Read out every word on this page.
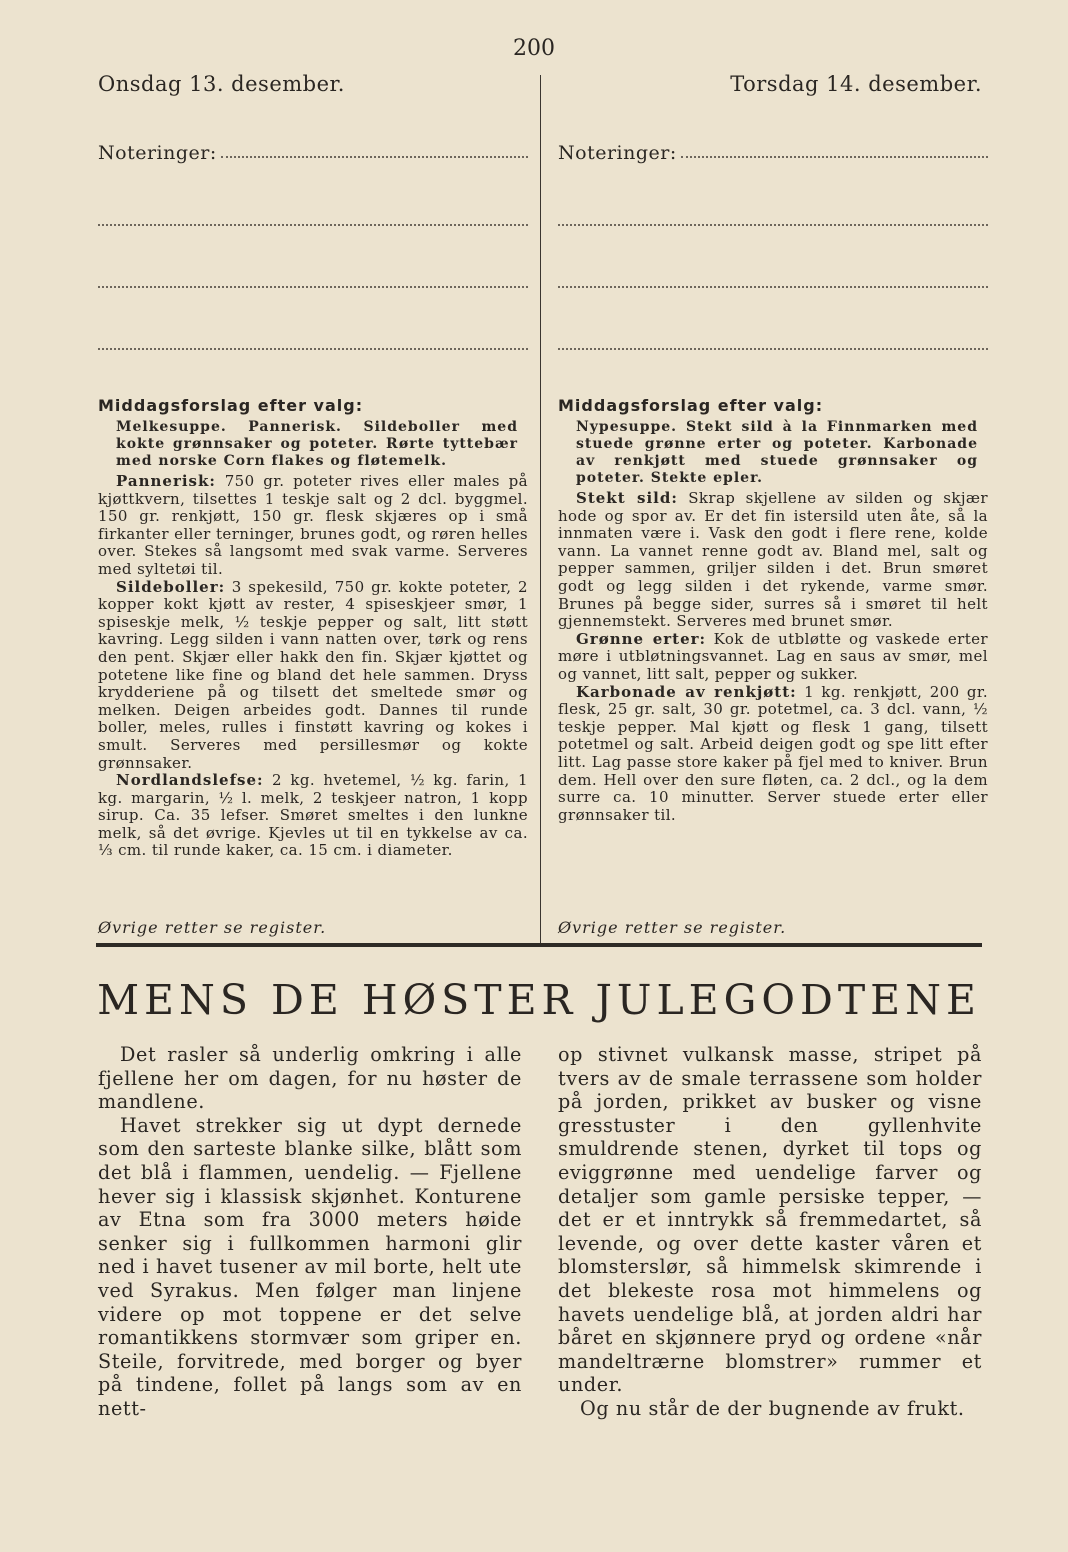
200
Onsdag 13. desember.
Noteringer:
Middagsforslag efter valg:
Melkesuppe. Pannerisk. Sildeboller med kokte grønnsaker og poteter. Rørte tyttebær med norske Corn flakes og fløtemelk.

Pannerisk: 750 gr. poteter rives eller males på kjøttkvern, tilsettes 1 teskje salt og 2 dcl. byggmel. 150 gr. renkjøtt, 150 gr. flesk skjæres op i små firkanter eller terninger, brunes godt, og røren helles over. Stekes så langsomt med svak varme. Serveres med syltetøi til.

Sildeboller: 3 spekesild, 750 gr. kokte poteter, 2 kopper kokt kjøtt av rester, 4 spiseskjeer smør, 1 spiseskje melk, ½ teskje pepper og salt, litt støtt kavring. Legg silden i vann natten over, tørk og rens den pent. Skjær eller hakk den fin. Skjær kjøttet og potetene like fine og bland det hele sammen. Dryss krydderiene på og tilsett det smeltede smør og melken. Deigen arbeides godt. Dannes til runde boller, meles, rulles i finstøtt kavring og kokes i smult. Serveres med persillesmør og kokte grønnsaker.

Nordlandslefse: 2 kg. hvetemel, ½ kg. farin, 1 kg. margarin, ½ l. melk, 2 teskjeer natron, 1 kopp sirup. Ca. 35 lefser. Smøret smeltes i den lunkne melk, så det øvrige. Kjevles ut til en tykkelse av ca. ⅓ cm. til runde kaker, ca. 15 cm. i diameter.

Øvrige retter se register.
Torsdag 14. desember.
Noteringer:
Middagsforslag efter valg:
Nypesuppe. Stekt sild à la Finnmarken med stuede grønne erter og poteter. Karbonade av renkjøtt med stuede grønnsaker og poteter. Stekte epler.

Stekt sild: Skrap skjellene av silden og skjær hode og spor av. Er det fin istersild uten åte, så la innmaten være i. Vask den godt i flere rene, kolde vann. La vannet renne godt av. Bland mel, salt og pepper sammen, griljer silden i det. Brun smøret godt og legg silden i det rykende, varme smør. Brunes på begge sider, surres så i smøret til helt gjennemstekt. Serveres med brunet smør.

Grønne erter: Kok de utbløtte og vaskede erter møre i utbløtningsvannet. Lag en saus av smør, mel og vannet, litt salt, pepper og sukker.

Karbonade av renkjøtt: 1 kg. renkjøtt, 200 gr. flesk, 25 gr. salt, 30 gr. potetmel, ca. 3 dcl. vann, ½ teskje pepper. Mal kjøtt og flesk 1 gang, tilsett potetmel og salt. Arbeid deigen godt og spe litt efter litt. Lag passe store kaker på fjel med to kniver. Brun dem. Hell over den sure fløten, ca. 2 dcl., og la dem surre ca. 10 minutter. Server stuede erter eller grønnsaker til.

Øvrige retter se register.
MENS DE HØSTER JULEGODTENE

Det rasler så underlig omkring i alle fjellene her om dagen, for nu høster de mandlene.

Havet strekker sig ut dypt dernede som den sarteste blanke silke, blått som det blå i flammen, uendelig. — Fjellene hever sig i klassisk skjønhet. Konturene av Etna som fra 3000 meters høide senker sig i fullkommen harmoni glir ned i havet tusener av mil borte, helt ute ved Syrakus. Men følger man linjene videre op mot toppene er det selve romantikkens stormvær som griper en. Steile, forvitrede, med borger og byer på tindene, follet på langs som av en nett-

op stivnet vulkansk masse, stripet på tvers av de smale terrassene som holder på jorden, prikket av busker og visne gresstuster i den gyllenhvite smuldrende stenen, dyrket til tops og eviggrønne med uendelige farver og detaljer som gamle persiske tepper, — det er et inntrykk så fremmedartet, så levende, og over dette kaster våren et blomsterslør, så himmelsk skimrende i det blekeste rosa mot himmelens og havets uendelige blå, at jorden aldri har båret en skjønnere pryd og ordene «når mandeltrærne blomstrer» rummer et under.

Og nu står de der bugnende av frukt.
